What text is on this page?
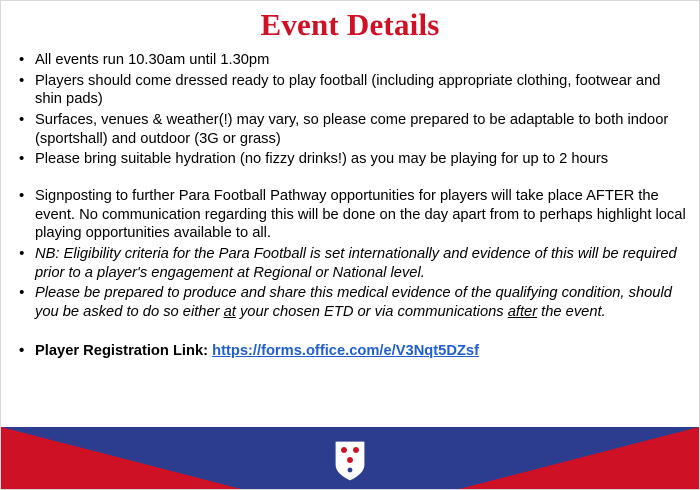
Event Details
• All events run 10.30am until 1.30pm
• Players should come dressed ready to play football (including appropriate clothing, footwear and shin pads)
• Surfaces, venues & weather(!) may vary, so please come prepared to be adaptable to both indoor (sportshall) and outdoor (3G or grass)
• Please bring suitable hydration (no fizzy drinks!) as you may be playing for up to 2 hours
• Signposting to further Para Football Pathway opportunities for players will take place AFTER the event. No communication regarding this will be done on the day apart from to perhaps highlight local playing opportunities available to all.
• NB: Eligibility criteria for the Para Football is set internationally and evidence of this will be required prior to a player's engagement at Regional or National level.
• Please be prepared to produce and share this medical evidence of the qualifying condition, should you be asked to do so either at your chosen ETD or via communications after the event.
• Player Registration Link: https://forms.office.com/e/V3Nqt5DZsf
